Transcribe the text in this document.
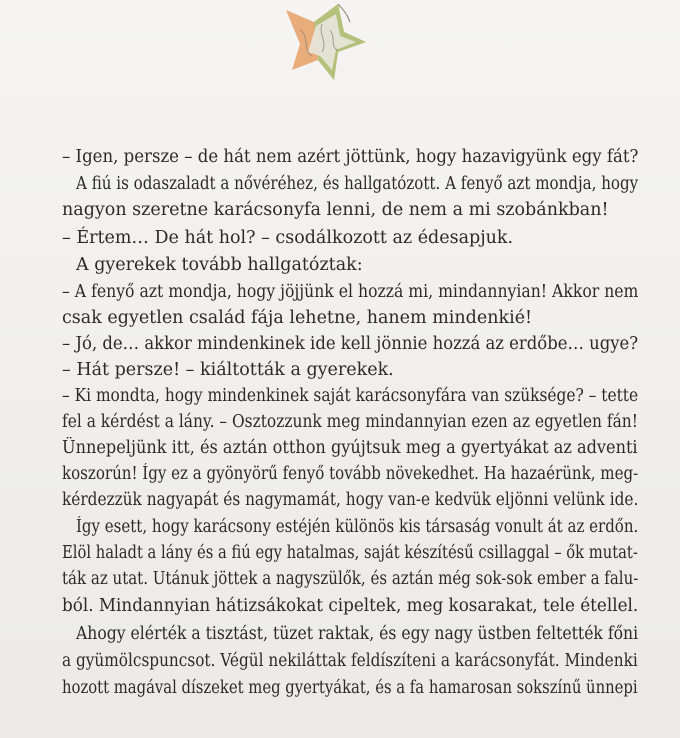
– Igen, persze – de hát nem azért jöttünk, hogy hazavigyünk egy fát?
A fiú is odaszaladt a nővéréhez, és hallgatózott. A fenyő azt mondja, hogy
nagyon szeretne karácsonyfa lenni, de nem a mi szobánkban!
– Értem… De hát hol? – csodálkozott az édesapjuk.
A gyerekek tovább hallgatóztak:
– A fenyő azt mondja, hogy jöjjünk el hozzá mi, mindannyian! Akkor nem
csak egyetlen család fája lehetne, hanem mindenkié!
– Jó, de… akkor mindenkinek ide kell jönnie hozzá az erdőbe… ugye?
– Hát persze! – kiáltották a gyerekek.
– Ki mondta, hogy mindenkinek saját karácsonyfára van szüksége? – tette
fel a kérdést a lány. – Osztozzunk meg mindannyian ezen az egyetlen fán!
Ünnepeljünk itt, és aztán otthon gyújtsuk meg a gyertyákat az adventi
koszorún! Így ez a gyönyörű fenyő tovább növekedhet. Ha hazaérünk, meg-
kérdezzük nagyapát és nagymamát, hogy van-e kedvük eljönni velünk ide.
Így esett, hogy karácsony estéjén különös kis társaság vonult át az erdőn.
Elöl haladt a lány és a fiú egy hatalmas, saját készítésű csillaggal – ők mutat-
ták az utat. Utánuk jöttek a nagyszülők, és aztán még sok-sok ember a falu-
ból. Mindannyian hátizsákokat cipeltek, meg kosarakat, tele étellel.
Ahogy elérték a tisztást, tüzet raktak, és egy nagy üstben feltették főni
a gyümölcspuncsot. Végül nekiláttak feldíszíteni a karácsonyfát. Mindenki
hozott magával díszeket meg gyertyákat, és a fa hamarosan sokszínű ünnepi
